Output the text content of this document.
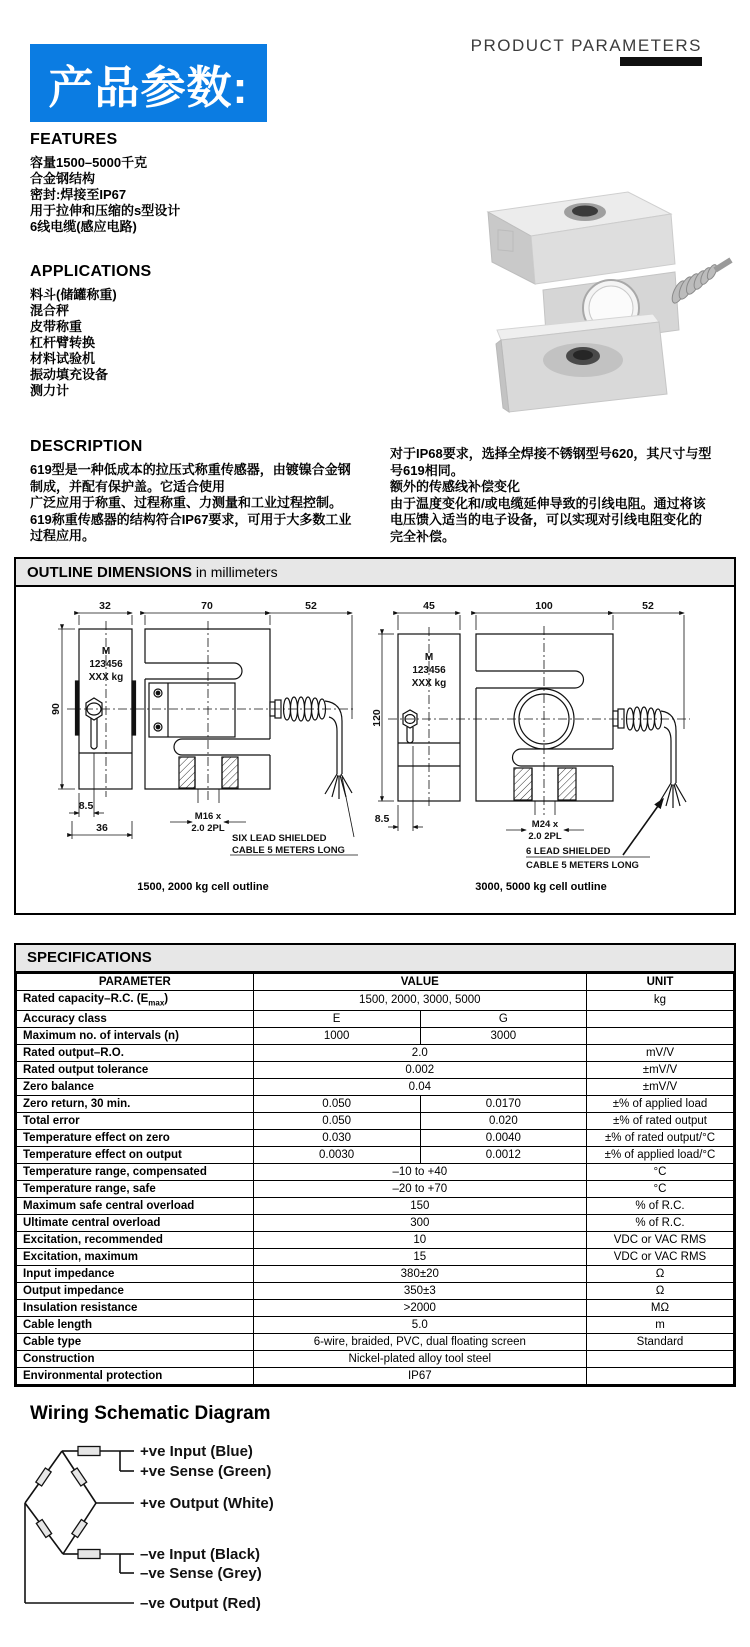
产品参数:
PRODUCT PARAMETERS
FEATURES
容量1500–5000千克
合金钢结构
密封:焊接至IP67
用于拉伸和压缩的s型设计
6线电缆(感应电路)
APPLICATIONS
料斗(储罐称重)
混合秤
皮带称重
杠杆臂转换
材料试验机
振动填充设备
测力计
DESCRIPTION
619型是一种低成本的拉压式称重传感器，由镀镍合金钢
制成，并配有保护盖。它适合使用
广泛应用于称重、过程称重、力测量和工业过程控制。
619称重传感器的结构符合IP67要求，可用于大多数工业
过程应用。
对于IP68要求，选择全焊接不锈钢型号620，其尺寸与型
号619相同。
额外的传感线补偿变化
由于温度变化和/或电缆延伸导致的引线电阻。通过将该
电压馈入适当的电子设备，可以实现对引线电阻变化的
完全补偿。
OUTLINE DIMENSIONS in millimeters
32	70	52
90
8.5
36
M
123456
XXX kg
M16 x
2.0 2PL
SIX LEAD SHIELDED
CABLE 5 METERS LONG
45	100	52
120
8.5
M
123456
XXX kg
M24 x
2.0 2PL
6 LEAD SHIELDED
CABLE 5 METERS LONG
1500, 2000 kg cell outline	3000, 5000 kg cell outline
SPECIFICATIONS
PARAMETER	VALUE		UNIT
Rated capacity–R.C. $(E_{max})$	1500, 2000, 3000, 5000		kg
Accuracy class	E	G	
Maximum no. of intervals (n)	1000	3000	
Rated output–R.O.	2.0		mV/V
Rated output tolerance	0.002		±mV/V
Zero balance	0.04		±mV/V
Zero return, 30 min.	0.050	0.0170	±% of applied load
Total error	0.050	0.020	±% of rated output
Temperature effect on zero	0.030	0.0040	±% of rated output/°C
Temperature effect on output	0.0030	0.0012	±% of applied load/°C
Temperature range, compensated	–10 to +40		°C
Temperature range, safe	–20 to +70		°C
Maximum safe central overload	150		% of R.C.
Ultimate central overload	300		% of R.C.
Excitation, recommended	10		VDC or VAC RMS
Excitation, maximum	15		VDC or VAC RMS
Input impedance	380±20		Ω
Output impedance	350±3		Ω
Insulation resistance	>2000		MΩ
Cable length	5.0		m
Cable type	6-wire, braided, PVC, dual floating screen		Standard
Construction	Nickel-plated alloy tool steel		
Environmental protection	IP67		
Wiring Schematic Diagram
+ve Input (Blue)
+ve Sense (Green)
+ve Output (White)
–ve Input (Black)
–ve Sense (Grey)
–ve Output (Red)
